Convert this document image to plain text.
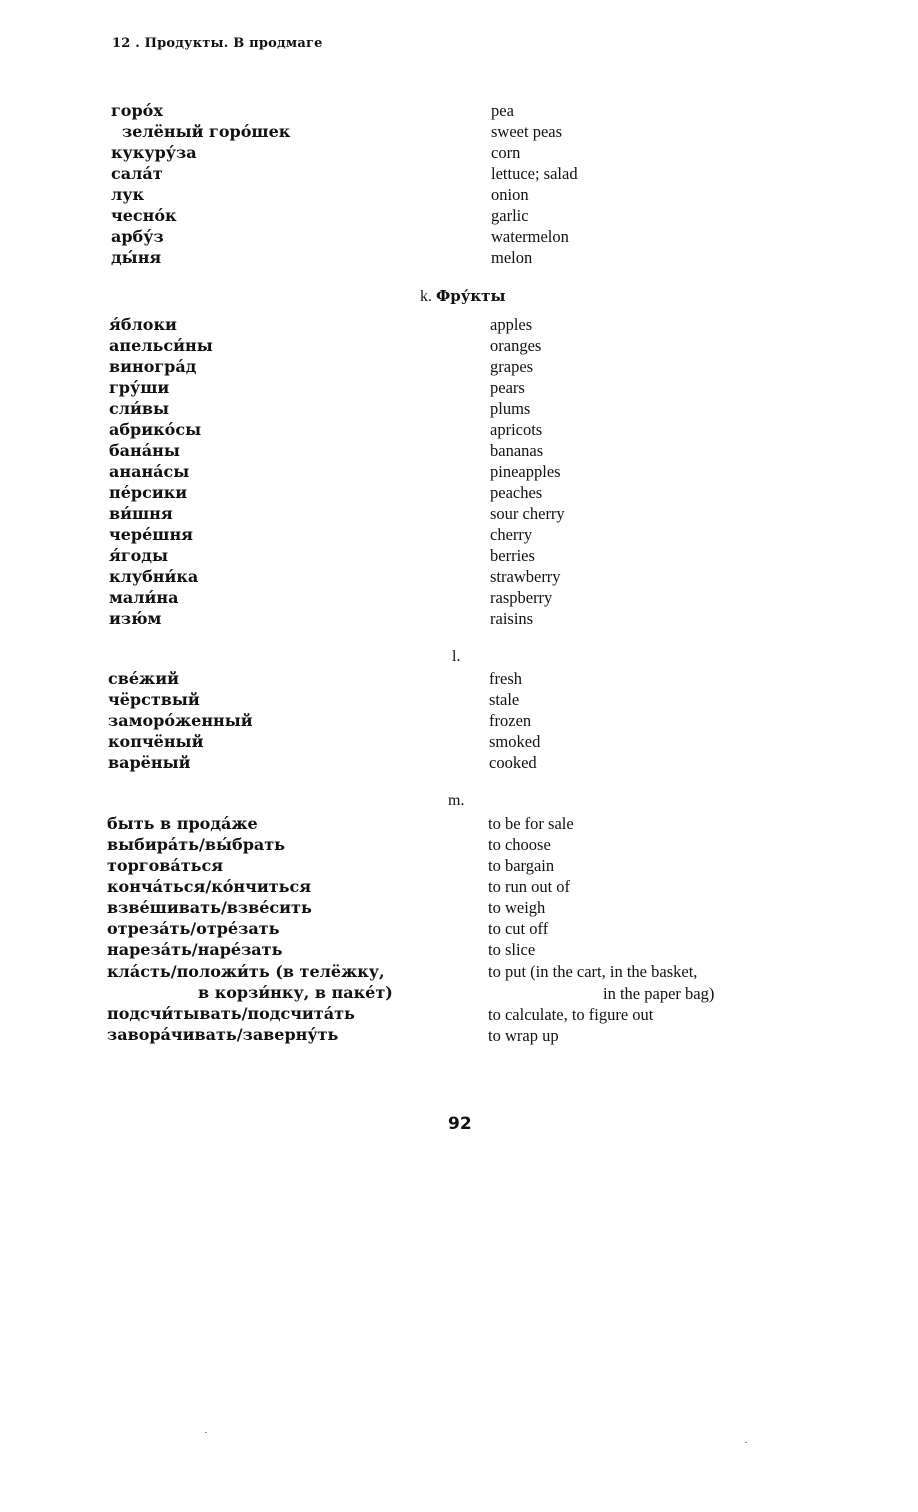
12 . Продукты. В продмаге
горо́х	pea
зелёный горо́шек	sweet peas
кукуру́за	corn
сала́т	lettuce; salad
лук	onion
чесно́к	garlic
арбу́з	watermelon
ды́ня	melon
k. Фру́кты
я́блоки	apples
апельси́ны	oranges
виногра́д	grapes
гру́ши	pears
сли́вы	plums
абрико́сы	apricots
бана́ны	bananas
анана́сы	pineapples
пе́рсики	peaches
ви́шня	sour cherry
чере́шня	cherry
я́годы	berries
клубни́ка	strawberry
мали́на	raspberry
изю́м	raisins
l.
све́жий	fresh
чёрствый	stale
заморо́женный	frozen
копчёный	smoked
варёный	cooked
m.
быть в прода́же	to be for sale
выбира́ть/вы́брать	to choose
торгова́ться	to bargain
конча́ться/ко́нчиться	to run out of
взве́шивать/взве́сить	to weigh
отреза́ть/отре́зать	to cut off
нареза́ть/наре́зать	to slice
кла́сть/положи́ть (в телёжку,	to put (in the cart, in the basket,
в корзи́нку, в паке́т)	in the paper bag)
подсчи́тывать/подсчита́ть	to calculate, to figure out
завора́чивать/заверну́ть	to wrap up
92
